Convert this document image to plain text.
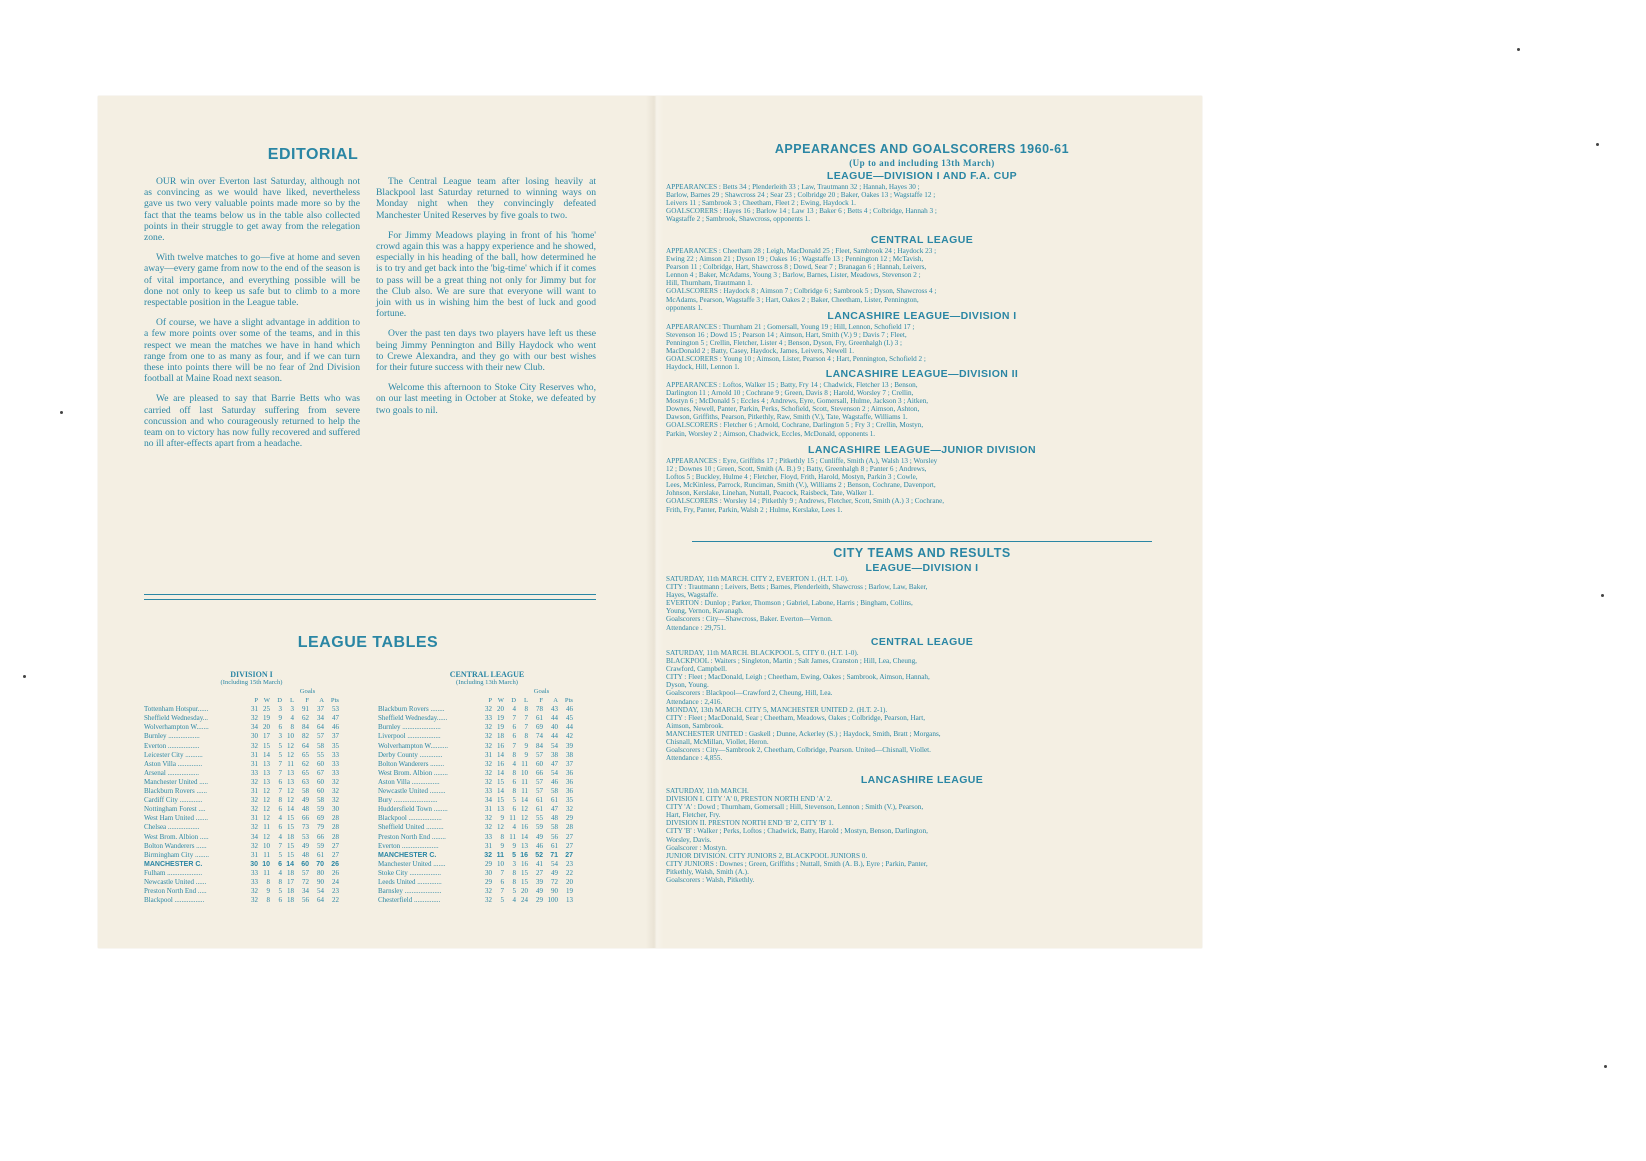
EDITORIAL

OUR win over Everton last Saturday, although not as convincing as we would have liked, nevertheless gave us two very valuable points made more so by the fact that the teams below us in the table also collected points in their struggle to get away from the relegation zone.

With twelve matches to go—five at home and seven away—every game from now to the end of the season is of vital importance, and everything possible will be done not only to keep us safe but to climb to a more respectable position in the League table.

Of course, we have a slight advantage in addition to a few more points over some of the teams, and in this respect we mean the matches we have in hand which range from one to as many as four, and if we can turn these into points there will be no fear of 2nd Division football at Maine Road next season.

We are pleased to say that Barrie Betts who was carried off last Saturday suffering from severe concussion and who courageously returned to help the team on to victory has now fully recovered and suffered no ill after-effects apart from a headache.

The Central League team after losing heavily at Blackpool last Saturday returned to winning ways on Monday night when they convincingly defeated Manchester United Reserves by five goals to two.

For Jimmy Meadows playing in front of his 'home' crowd again this was a happy experience and he showed, especially in his heading of the ball, how determined he is to try and get back into the 'big-time' which if it comes to pass will be a great thing not only for Jimmy but for the Club also. We are sure that everyone will want to join with us in wishing him the best of luck and good fortune.

Over the past ten days two players have left us these being Jimmy Pennington and Billy Haydock who went to Crewe Alexandra, and they go with our best wishes for their future success with their new Club.

Welcome this afternoon to Stoke City Reserves who, on our last meeting in October at Stoke, we defeated by two goals to nil.

LEAGUE TABLES
DIVISION I
(Including 15th March)
Goals
P W	D	L	F	A	Pts
Tottenham Hotspur......	31 25	3	3	91	37	53
Sheffield Wednesday...	32 19	9	4	62	34	47
Wolverhampton W.......	34 20	6	8	84	64	46
Burnley ..................	30 17	3 10	82	57	37
Everton ..................	32 15	5 12	64	58	35
Leicester City ..........	31 14	5 12	65	55	33
Aston Villa ..............	31 13	7 11	62	60	33
Arsenal ..................	33 13	7 13	65	67	33
Manchester United .....	32 13	6 13	63	60	32
Blackburn Rovers ......	31 12	7 12	58	60	32
Cardiff City .............	32 12	8 12	49	58	32
Nottingham Forest ....	32 12	6 14	48	59	30
West Ham United .......	31 12	4 15	66	69	28
Chelsea ..................	32 11	6 15	73	79	28
West Brom. Albion .....	34 12	4 18	53	66	28
Bolton Wanderers ......	32 10	7 15	49	59	27
Birmingham City ........	31 11	5 15	48	61	27
MANCHESTER C.	30 10	6 14	60	70	26
Fulham ....................	33 11	4 18	57	80	26
Newcastle United ......	33	8	8 17	72	90	24
Preston North End .....	32	9	5 18	34	54	23
Blackpool .................	32	8	6 18	56	64	22
CENTRAL LEAGUE
(Including 13th March)
Goals
P W	D	L	F	A	Pts
Blackburn Rovers ........	32 20	4	8	78	43	46
Sheffield Wednesday......	33 19	7	7	61	44	45
Burnley ......................	32 19	6	7	69	40	44
Liverpool ...................	32 18	6	8	74	44	42
Wolverhampton W..........	32 16	7	9	84	54	39
Derby County .............	31 14	8	9	57	38	38
Bolton Wanderers ........	32 16	4 11	60	47	37
West Brom. Albion ........	32 14	8 10	66	54	36
Aston Villa ................	32 15	6 11	57	46	36
Newcastle United .........	33 14	8 11	57	58	36
Bury .........................	34 15	5 14	61	61	35
Huddersfield Town ........	31 13	6 12	61	47	32
Blackpool ...................	32	9 11 12	55	48	29
Sheffield United ..........	32 12	4 16	59	58	28
Preston North End ........	33	8 11 14	49	56	27
Everton .....................	31	9	9 13	46	61	27
MANCHESTER C.	32 11	5 16	52	71	27
Manchester United .......	29 10	3 16	41	54	23
Stoke City ..................	30	7	8 15	27	49	22
Leeds United ..............	29	6	8 15	39	72	20
Barnsley .....................	32	7	5 20	49	90	19
Chesterfield ...............	32	5	4 24	29 100	13
APPEARANCES AND GOALSCORERS 1960-61
(Up to and including 13th March)
LEAGUE—DIVISION I AND F.A. CUP
APPEARANCES : Betts 34 ; Plenderleith 33 ; Law, Trautmann 32 ; Hannah, Hayes 30 ;
Barlow, Barnes 29 ; Shawcross 24 ; Sear 23 ; Colbridge 20 ; Baker, Oakes 13 ; Wagstaffe 12 ;
Leivers 11 ; Sambrook 3 ; Cheetham, Fleet 2 ; Ewing, Haydock 1.
GOALSCORERS : Hayes 16 ; Barlow 14 ; Law 13 ; Baker 6 ; Betts 4 ; Colbridge, Hannah 3 ;
Wagstaffe 2 ; Sambrook, Shawcross, opponents 1.
CENTRAL LEAGUE
APPEARANCES : Cheetham 28 ; Leigh, MacDonald 25 ; Fleet, Sambrook 24 ; Haydock 23 ;
Ewing 22 ; Aimson 21 ; Dyson 19 ; Oakes 16 ; Wagstaffe 13 ; Pennington 12 ; McTavish,
Pearson 11 ; Colbridge, Hart, Shawcross 8 ; Dowd, Sear 7 ; Branagan 6 ; Hannah, Leivers,
Lennon 4 ; Baker, McAdams, Young 3 ; Barlow, Barnes, Lister, Meadows, Stevenson 2 ;
Hill, Thurnham, Trautmann 1.
GOALSCORERS : Haydock 8 ; Aimson 7 ; Colbridge 6 ; Sambrook 5 ; Dyson, Shawcross 4 ;
McAdams, Pearson, Wagstaffe 3 ; Hart, Oakes 2 ; Baker, Cheetham, Lister, Pennington,
opponents 1.
LANCASHIRE LEAGUE—DIVISION I
APPEARANCES : Thurnham 21 ; Gomersall, Young 19 ; Hill, Lennon, Schofield 17 ;
Stevenson 16 ; Dowd 15 ; Pearson 14 ; Aimson, Hart, Smith (V.) 9 ; Davis 7 ; Fleet,
Pennington 5 ; Crellin, Fletcher, Lister 4 ; Benson, Dyson, Fry, Greenhalgh (I.) 3 ;
MacDonald 2 ; Batty, Casey, Haydock, James, Leivers, Newell 1.
GOALSCORERS : Young 10 ; Aimson, Lister, Pearson 4 ; Hart, Pennington, Schofield 2 ;
Haydock, Hill, Lennon 1.
LANCASHIRE LEAGUE—DIVISION II
APPEARANCES : Loftos, Walker 15 ; Batty, Fry 14 ; Chadwick, Fletcher 13 ; Benson,
Darlington 11 ; Arnold 10 ; Cochrane 9 ; Green, Davis 8 ; Harold, Worsley 7 ; Crellin,
Mostyn 6 ; McDonald 5 ; Eccles 4 ; Andrews, Eyre, Gomersall, Hulme, Jackson 3 ; Aitken,
Downes, Newell, Panter, Parkin, Perks, Schofield, Scott, Stevenson 2 ; Aimson, Ashton,
Dawson, Griffiths, Pearson, Pitkethly, Raw, Smith (V.), Tate, Wagstaffe, Williams 1.
GOALSCORERS : Fletcher 6 ; Arnold, Cochrane, Darlington 5 ; Fry 3 ; Crellin, Mostyn,
Parkin, Worsley 2 ; Aimson, Chadwick, Eccles, McDonald, opponents 1.
LANCASHIRE LEAGUE—JUNIOR DIVISION
APPEARANCES : Eyre, Griffiths 17 ; Pitkethly 15 ; Cunliffe, Smith (A.), Walsh 13 ; Worsley
12 ; Downes 10 ; Green, Scott, Smith (A. B.) 9 ; Batty, Greenhalgh 8 ; Panter 6 ; Andrews,
Loftos 5 ; Buckley, Hulme 4 ; Fletcher, Floyd, Frith, Harold, Mostyn, Parkin 3 ; Cowle,
Lees, McKinless, Parrock, Runciman, Smith (V.), Williams 2 ; Benson, Cochrane, Davenport,
Johnson, Kerslake, Linehan, Nuttall, Peacock, Raisbeck, Tate, Walker 1.
GOALSCORERS : Worsley 14 ; Pitkethly 9 ; Andrews, Fletcher, Scott, Smith (A.) 3 ; Cochrane,
Frith, Fry, Panter, Parkin, Walsh 2 ; Hulme, Kerslake, Lees 1.
CITY TEAMS AND RESULTS
LEAGUE—DIVISION I
SATURDAY, 11th MARCH. CITY 2, EVERTON 1. (H.T. 1-0).
CITY : Trautmann ; Leivers, Betts ; Barnes, Plenderleith, Shawcross ; Barlow, Law, Baker,
Hayes, Wagstaffe.
EVERTON : Dunlop ; Parker, Thomson ; Gabriel, Labone, Harris ; Bingham, Collins,
Young, Vernon, Kavanagh.
Goalscorers : City—Shawcross, Baker. Everton—Vernon.
Attendance : 29,751.
CENTRAL LEAGUE
SATURDAY, 11th MARCH. BLACKPOOL 5, CITY 0. (H.T. 1-0).
BLACKPOOL : Waiters ; Singleton, Martin ; Salt James, Cranston ; Hill, Lea, Cheung,
Crawford, Campbell.
CITY : Fleet ; MacDonald, Leigh ; Cheetham, Ewing, Oakes ; Sambrook, Aimson, Hannah,
Dyson, Young.
Goalscorers : Blackpool—Crawford 2, Cheung, Hill, Lea.
Attendance : 2,416.
MONDAY, 13th MARCH. CITY 5, MANCHESTER UNITED 2. (H.T. 2-1).
CITY : Fleet ; MacDonald, Sear ; Cheetham, Meadows, Oakes ; Colbridge, Pearson, Hart,
Aimson, Sambrook.
MANCHESTER UNITED : Gaskell ; Dunne, Ackerley (S.) ; Haydock, Smith, Bratt ; Morgans,
Chisnall, McMillan, Viollet, Heron.
Goalscorers : City—Sambrook 2, Cheetham, Colbridge, Pearson. United—Chisnall, Viollet.
Attendance : 4,855.
LANCASHIRE LEAGUE
SATURDAY, 11th MARCH.
DIVISION I. CITY 'A' 0, PRESTON NORTH END 'A' 2.
CITY 'A' : Dowd ; Thurnham, Gomersall ; Hill, Stevenson, Lennon ; Smith (V.), Pearson,
Hart, Fletcher, Fry.
DIVISION II. PRESTON NORTH END 'B' 2, CITY 'B' 1.
CITY 'B' : Walker ; Perks, Loftos ; Chadwick, Batty, Harold ; Mostyn, Benson, Darlington,
Worsley, Davis.
Goalscorer : Mostyn.
JUNIOR DIVISION. CITY JUNIORS 2, BLACKPOOL JUNIORS 0.
CITY JUNIORS : Downes ; Green, Griffiths ; Nuttall, Smith (A. B.), Eyre ; Parkin, Panter,
Pitkethly, Walsh, Smith (A.).
Goalscorers : Walsh, Pitkethly.
